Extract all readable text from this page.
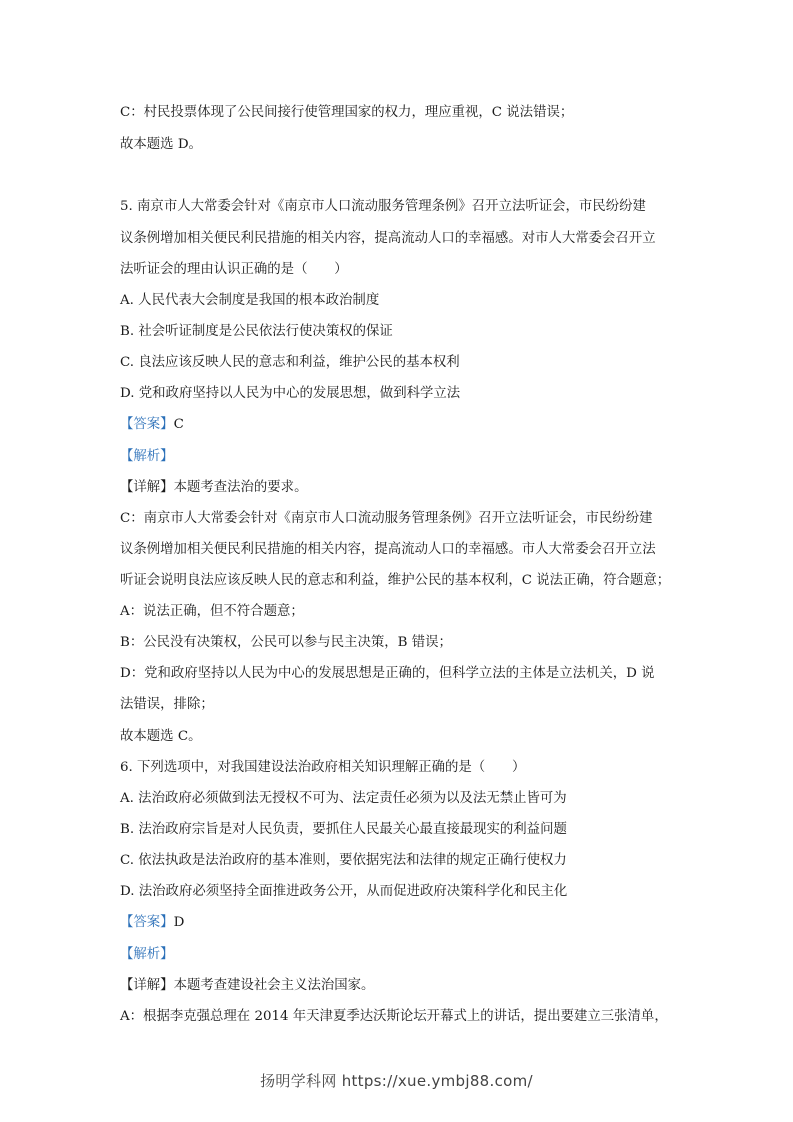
C：村民投票体现了公民间接行使管理国家的权力，理应重视，C 说法错误；
故本题选 D。
5. 南京市人大常委会针对《南京市人口流动服务管理条例》召开立法听证会，市民纷纷建
议条例增加相关便民利民措施的相关内容，提高流动人口的幸福感。对市人大常委会召开立
法听证会的理由认识正确的是（　　）
A. 人民代表大会制度是我国的根本政治制度
B. 社会听证制度是公民依法行使决策权的保证
C. 良法应该反映人民的意志和利益，维护公民的基本权利
D. 党和政府坚持以人民为中心的发展思想，做到科学立法
【答案】C
【解析】
【详解】本题考查法治的要求。
C：南京市人大常委会针对《南京市人口流动服务管理条例》召开立法听证会，市民纷纷建
议条例增加相关便民利民措施的相关内容，提高流动人口的幸福感。市人大常委会召开立法
听证会说明良法应该反映人民的意志和利益，维护公民的基本权利，C 说法正确，符合题意；
A：说法正确，但不符合题意；
B：公民没有决策权，公民可以参与民主决策，B 错误；
D：党和政府坚持以人民为中心的发展思想是正确的，但科学立法的主体是立法机关，D 说
法错误，排除；
故本题选 C。
6. 下列选项中，对我国建设法治政府相关知识理解正确的是（　　）
A. 法治政府必须做到法无授权不可为、法定责任必须为以及法无禁止皆可为
B. 法治政府宗旨是对人民负责，要抓住人民最关心最直接最现实的利益问题
C. 依法执政是法治政府的基本准则，要依据宪法和法律的规定正确行使权力
D. 法治政府必须坚持全面推进政务公开，从而促进政府决策科学化和民主化
【答案】D
【解析】
【详解】本题考查建设社会主义法治国家。
A：根据李克强总理在 2014 年天津夏季达沃斯论坛开幕式上的讲话，提出要建立三张清单，
扬明学科网 https://xue.ymbj88.com/
